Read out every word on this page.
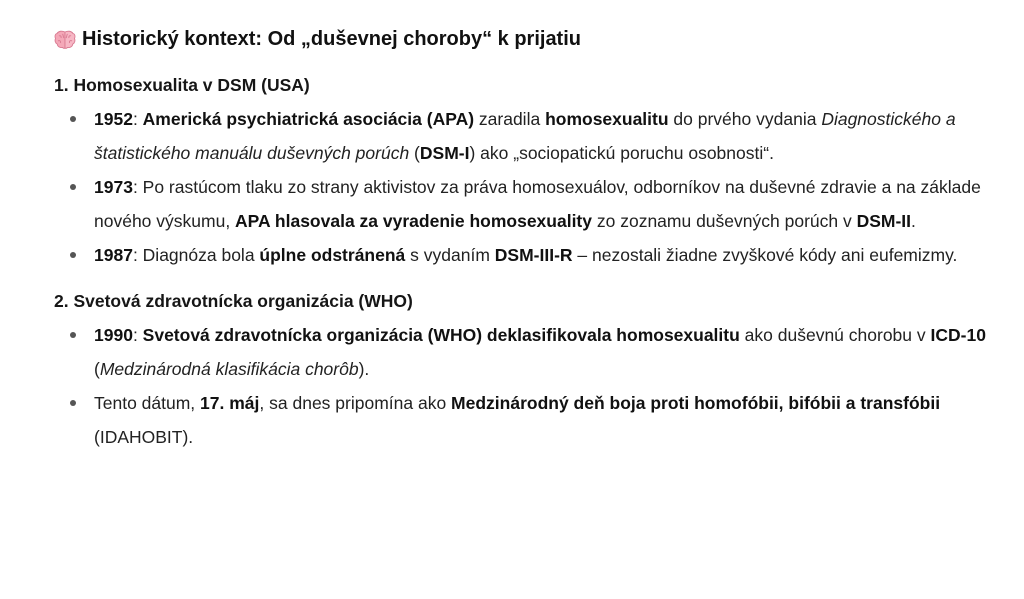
Historický kontext: Od „duševnej choroby“ k prijatiu
1. Homosexualita v DSM (USA)
1952: Americká psychiatrická asociácia (APA) zaradila homosexualitu do prvého vydania Diagnostického a štatistického manuálu duševných porúch (DSM-I) ako „sociopatickú poruchu osobnosti“.
1973: Po rastúcom tlaku zo strany aktivistov za práva homosexuálov, odborníkov na duševné zdravie a na základe nového výskumu, APA hlasovala za vyradenie homosexuality zo zoznamu duševných porúch v DSM-II.
1987: Diagnóza bola úplne odstránená s vydaním DSM-III-R – nezostali žiadne zvyškové kódy ani eufemizmy.
2. Svetová zdravotnícka organizácia (WHO)
1990: Svetová zdravotnícka organizácia (WHO) deklasifikovala homosexualitu ako duševnú chorobu v ICD-10 (Medzinárodná klasifikácia chorôb).
Tento dátum, 17. máj, sa dnes pripomína ako Medzinárodný deň boja proti homofóbii, bifóbii a transfóbii (IDAHOBIT).
